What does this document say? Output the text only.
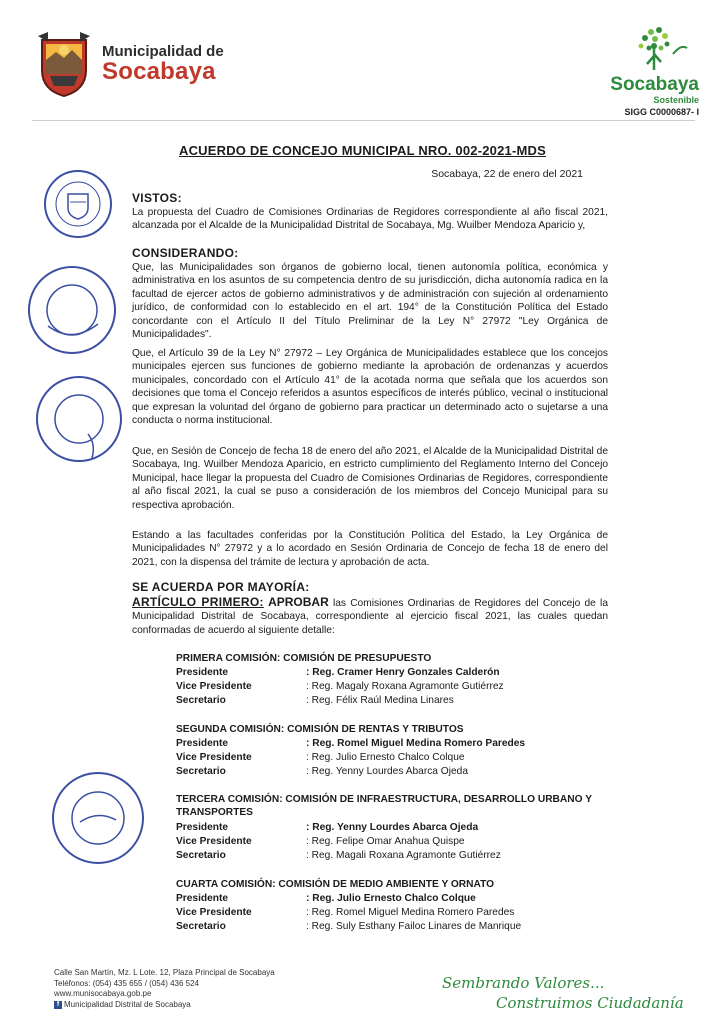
Municipalidad de
Socabaya	Socabaya
Sostenible
SIGG C0000687- I
ACUERDO DE CONCEJO MUNICIPAL NRO. 002-2021-MDS
Socabaya, 22 de enero del 2021
VISTOS:
La propuesta del Cuadro de Comisiones Ordinarias de Regidores correspondiente al año fiscal 2021, alcanzada por el Alcalde de la Municipalidad Distrital de Socabaya, Mg. Wuilber Mendoza Aparicio y,
CONSIDERANDO:
Que, las Municipalidades son órganos de gobierno local, tienen autonomía política, económica y administrativa en los asuntos de su competencia dentro de su jurisdicción, dicha autonomía radica en la facultad de ejercer actos de gobierno administrativos y de administración con sujeción al ordenamiento jurídico, de conformidad con lo establecido en el art. 194° de la Constitución Política del Estado concordante con el Artículo II del Título Preliminar de la Ley N° 27972 "Ley Orgánica de Municipalidades".
Que, el Artículo 39 de la Ley N° 27972 – Ley Orgánica de Municipalidades establece que los concejos municipales ejercen sus funciones de gobierno mediante la aprobación de ordenanzas y acuerdos municipales, concordado con el Artículo 41° de la acotada norma que señala que los acuerdos son decisiones que toma el Concejo referidos a asuntos específicos de interés público, vecinal o institucional que expresan la voluntad del órgano de gobierno para practicar un determinado acto o sujetarse a una conducta o norma institucional.
Que, en Sesión de Concejo de fecha 18 de enero del año 2021, el Alcalde de la Municipalidad Distrital de Socabaya, Ing. Wuilber Mendoza Aparicio, en estricto cumplimiento del Reglamento Interno del Concejo Municipal, hace llegar la propuesta del Cuadro de Comisiones Ordinarias de Regidores, correspondiente al año fiscal 2021, la cual se puso a consideración de los miembros del Concejo Municipal para su respectiva aprobación.
Estando a las facultades conferidas por la Constitución Política del Estado, la Ley Orgánica de Municipalidades N° 27972 y a lo acordado en Sesión Ordinaria de Concejo de fecha 18 de enero del 2021, con la dispensa del trámite de lectura y aprobación de acta.
SE ACUERDA POR MAYORÍA:
ARTÍCULO PRIMERO: APROBAR las Comisiones Ordinarias de Regidores del Concejo de la Municipalidad Distrital de Socabaya, correspondiente al ejercicio fiscal 2021, las cuales quedan conformadas de acuerdo al siguiente detalle:
PRIMERA COMISIÓN: COMISIÓN DE PRESUPUESTO
Presidente	: Reg. Cramer Henry Gonzales Calderón
Vice Presidente	: Reg. Magaly Roxana Agramonte Gutiérrez
Secretario	: Reg. Félix Raúl Medina Linares
SEGUNDA COMISIÓN: COMISIÓN DE RENTAS Y TRIBUTOS
Presidente	: Reg. Romel Miguel Medina Romero Paredes
Vice Presidente	: Reg. Julio Ernesto Chalco Colque
Secretario	: Reg. Yenny Lourdes Abarca Ojeda
TERCERA COMISIÓN: COMISIÓN DE INFRAESTRUCTURA, DESARROLLO URBANO Y TRANSPORTES
Presidente	: Reg. Yenny Lourdes Abarca Ojeda
Vice Presidente	: Reg. Felipe Omar Anahua Quispe
Secretario	: Reg. Magali Roxana Agramonte Gutiérrez
CUARTA COMISIÓN: COMISIÓN DE MEDIO AMBIENTE Y ORNATO
Presidente	: Reg. Julio Ernesto Chalco Colque
Vice Presidente	: Reg. Romel Miguel Medina Romero Paredes
Secretario	: Reg. Suly Esthany Failoc Linares de Manrique
Calle San Martín, Mz. L Lote. 12, Plaza Principal de Socabaya
Teléfonos: (054) 435 655 / (054) 436 524
www.munisocabaya.gob.pe
f Municipalidad Distrital de Socabaya
Sembrando Valores...
Construimos Ciudadanía
